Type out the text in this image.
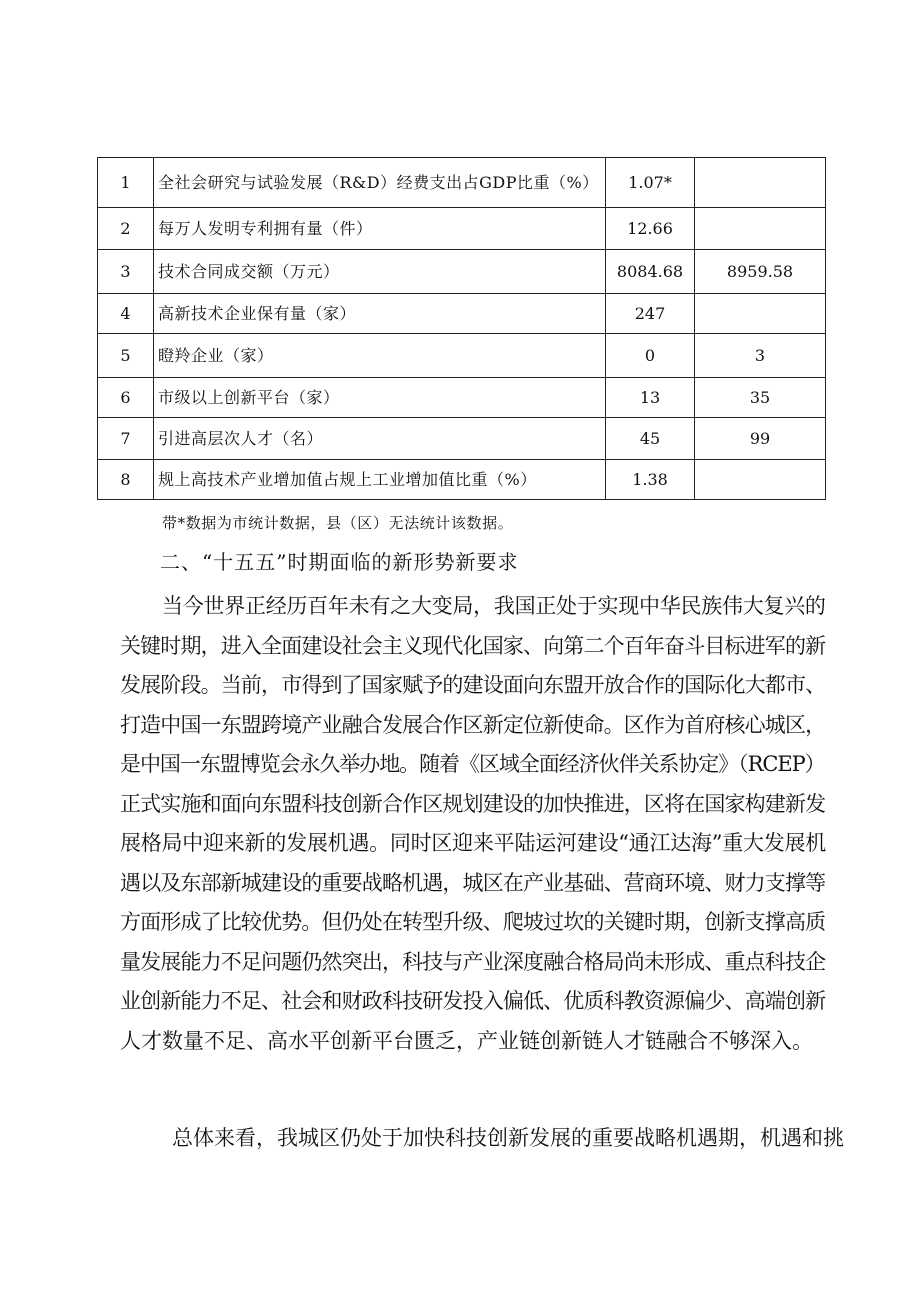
1	全社会研究与试验发展（R&D）经费支出占GDP比重（%）	1.07*	
2	每万人发明专利拥有量（件）	12.66	
3	技术合同成交额（万元）	8084.68	8959.58
4	高新技术企业保有量（家）	247	
5	瞪羚企业（家）	0	3
6	市级以上创新平台（家）	13	35
7	引进高层次人才（名）	45	99
8	规上高技术产业增加值占规上工业增加值比重（%）	1.38	
带*数据为市统计数据，县（区）无法统计该数据。
二、“十五五”时期面临的新形势新要求
当今世界正经历百年未有之大变局，我国正处于实现中华民族伟大复兴的
关键时期，进入全面建设社会主义现代化国家、向第二个百年奋斗目标进军的新
发展阶段。当前，市得到了国家赋予的建设面向东盟开放合作的国际化大都市、
打造中国一东盟跨境产业融合发展合作区新定位新使命。区作为首府核心城区，
是中国一东盟博览会永久举办地。随着《区域全面经济伙伴关系协定》（RCEP）
正式实施和面向东盟科技创新合作区规划建设的加快推进，区将在国家构建新发
展格局中迎来新的发展机遇。同时区迎来平陆运河建设“通江达海”重大发展机
遇以及东部新城建设的重要战略机遇，城区在产业基础、营商环境、财力支撑等
方面形成了比较优势。但仍处在转型升级、爬坡过坎的关键时期，创新支撑高质
量发展能力不足问题仍然突出，科技与产业深度融合格局尚未形成、重点科技企
业创新能力不足、社会和财政科技研发投入偏低、优质科教资源偏少、高端创新
人才数量不足、高水平创新平台匮乏，产业链创新链人才链融合不够深入。
总体来看，我城区仍处于加快科技创新发展的重要战略机遇期，机遇和挑
